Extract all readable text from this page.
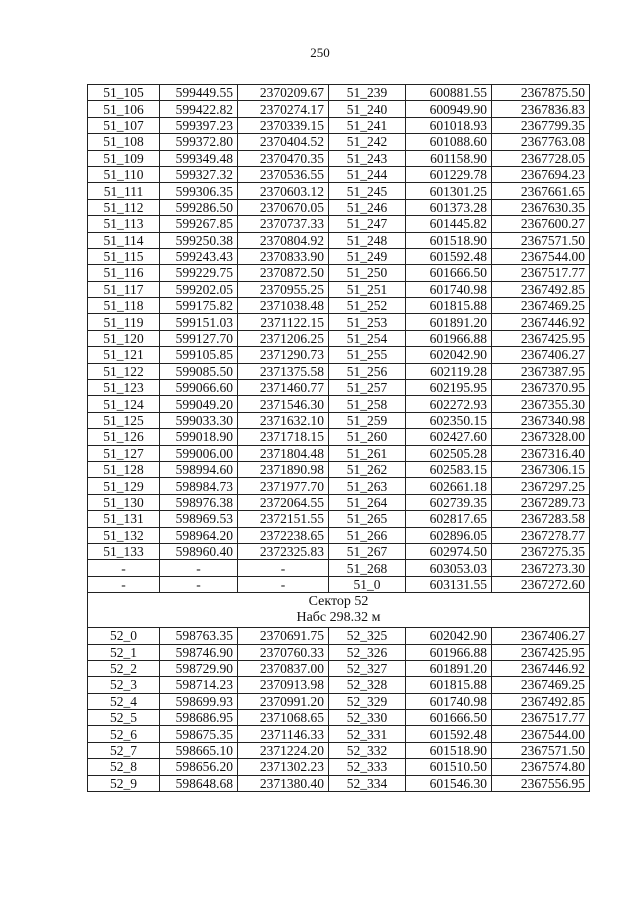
250
51_105	599449.55	2370209.67	51_239	600881.55	2367875.50
51_106	599422.82	2370274.17	51_240	600949.90	2367836.83
51_107	599397.23	2370339.15	51_241	601018.93	2367799.35
51_108	599372.80	2370404.52	51_242	601088.60	2367763.08
51_109	599349.48	2370470.35	51_243	601158.90	2367728.05
51_110	599327.32	2370536.55	51_244	601229.78	2367694.23
51_111	599306.35	2370603.12	51_245	601301.25	2367661.65
51_112	599286.50	2370670.05	51_246	601373.28	2367630.35
51_113	599267.85	2370737.33	51_247	601445.82	2367600.27
51_114	599250.38	2370804.92	51_248	601518.90	2367571.50
51_115	599243.43	2370833.90	51_249	601592.48	2367544.00
51_116	599229.75	2370872.50	51_250	601666.50	2367517.77
51_117	599202.05	2370955.25	51_251	601740.98	2367492.85
51_118	599175.82	2371038.48	51_252	601815.88	2367469.25
51_119	599151.03	2371122.15	51_253	601891.20	2367446.92
51_120	599127.70	2371206.25	51_254	601966.88	2367425.95
51_121	599105.85	2371290.73	51_255	602042.90	2367406.27
51_122	599085.50	2371375.58	51_256	602119.28	2367387.95
51_123	599066.60	2371460.77	51_257	602195.95	2367370.95
51_124	599049.20	2371546.30	51_258	602272.93	2367355.30
51_125	599033.30	2371632.10	51_259	602350.15	2367340.98
51_126	599018.90	2371718.15	51_260	602427.60	2367328.00
51_127	599006.00	2371804.48	51_261	602505.28	2367316.40
51_128	598994.60	2371890.98	51_262	602583.15	2367306.15
51_129	598984.73	2371977.70	51_263	602661.18	2367297.25
51_130	598976.38	2372064.55	51_264	602739.35	2367289.73
51_131	598969.53	2372151.55	51_265	602817.65	2367283.58
51_132	598964.20	2372238.65	51_266	602896.05	2367278.77
51_133	598960.40	2372325.83	51_267	602974.50	2367275.35
-	-	-	51_268	603053.03	2367273.30
-	-	-	51_0	603131.55	2367272.60

Сектор 52
Набс 298.32 м					

52_0	598763.35	2370691.75	52_325	602042.90	2367406.27
52_1	598746.90	2370760.33	52_326	601966.88	2367425.95
52_2	598729.90	2370837.00	52_327	601891.20	2367446.92
52_3	598714.23	2370913.98	52_328	601815.88	2367469.25
52_4	598699.93	2370991.20	52_329	601740.98	2367492.85
52_5	598686.95	2371068.65	52_330	601666.50	2367517.77
52_6	598675.35	2371146.33	52_331	601592.48	2367544.00
52_7	598665.10	2371224.20	52_332	601518.90	2367571.50
52_8	598656.20	2371302.23	52_333	601510.50	2367574.80
52_9	598648.68	2371380.40	52_334	601546.30	2367556.95
